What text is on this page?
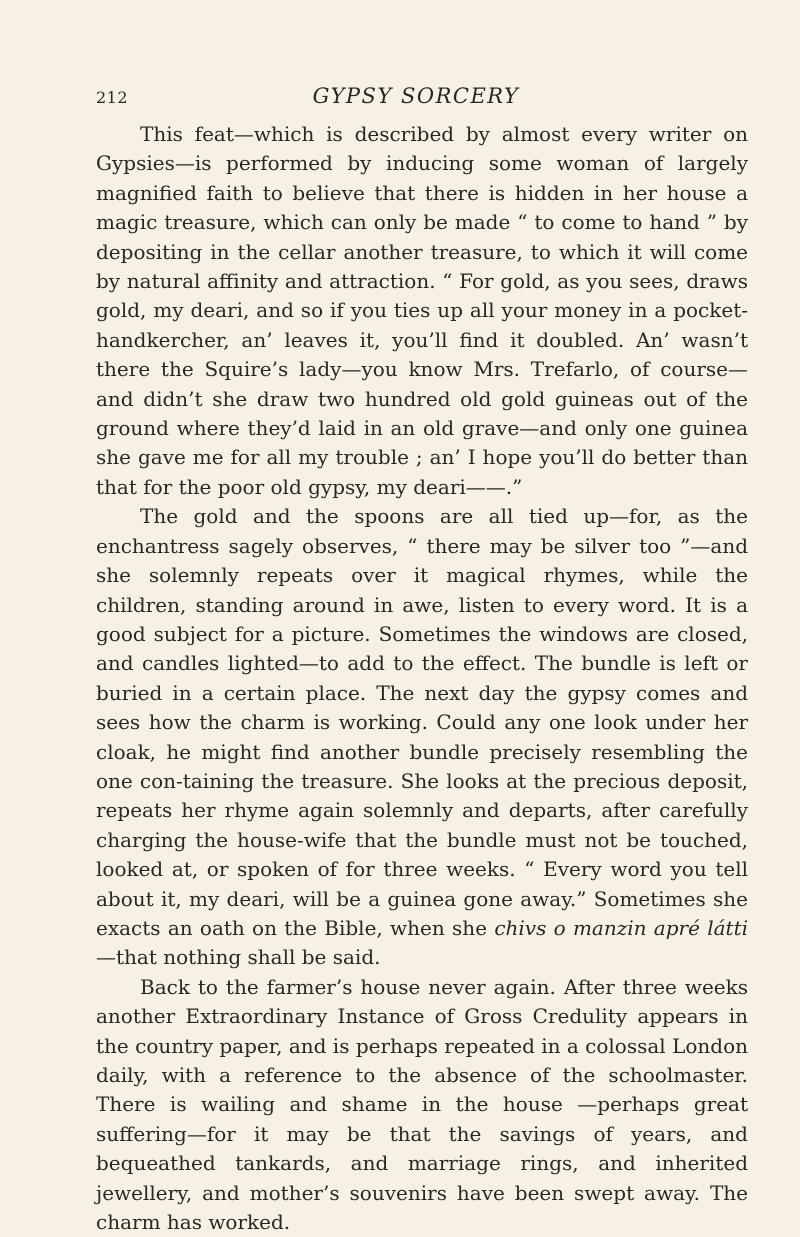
212	GYPSY SORCERY

This feat—which is described by almost every writer on Gypsies—is performed by inducing some woman of largely magnified faith to believe that there is hidden in her house a magic treasure, which can only be made “ to come to hand ” by depositing in the cellar another treasure, to which it will come by natural affinity and attraction. “ For gold, as you sees, draws gold, my deari, and so if you ties up all your money in a pocket-handkercher, an’ leaves it, you’ll find it doubled. An’ wasn’t there the Squire’s lady—you know Mrs. Trefarlo, of course—and didn’t she draw two hundred old gold guineas out of the ground where they’d laid in an old grave—and only one guinea she gave me for all my trouble ; an’ I hope you’ll do better than that for the poor old gypsy, my deari——.”

The gold and the spoons are all tied up—for, as the enchantress sagely observes, “ there may be silver too ”—and she solemnly repeats over it magical rhymes, while the children, standing around in awe, listen to every word. It is a good subject for a picture. Sometimes the windows are closed, and candles lighted—to add to the effect. The bundle is left or buried in a certain place. The next day the gypsy comes and sees how the charm is working. Could any one look under her cloak, he might find another bundle precisely resembling the one con-taining the treasure. She looks at the precious deposit, repeats her rhyme again solemnly and departs, after carefully charging the house-wife that the bundle must not be touched, looked at, or spoken of for three weeks. “ Every word you tell about it, my deari, will be a guinea gone away.” Sometimes she exacts an oath on the Bible, when she chivs o manzin apré látti—that nothing shall be said.

Back to the farmer’s house never again. After three weeks another Extraordinary Instance of Gross Credulity appears in the country paper, and is perhaps repeated in a colossal London daily, with a reference to the absence of the schoolmaster. There is wailing and shame in the house —perhaps great suffering—for it may be that the savings of years, and bequeathed tankards, and marriage rings, and inherited jewellery, and mother’s souvenirs have been swept away. The charm has worked.
